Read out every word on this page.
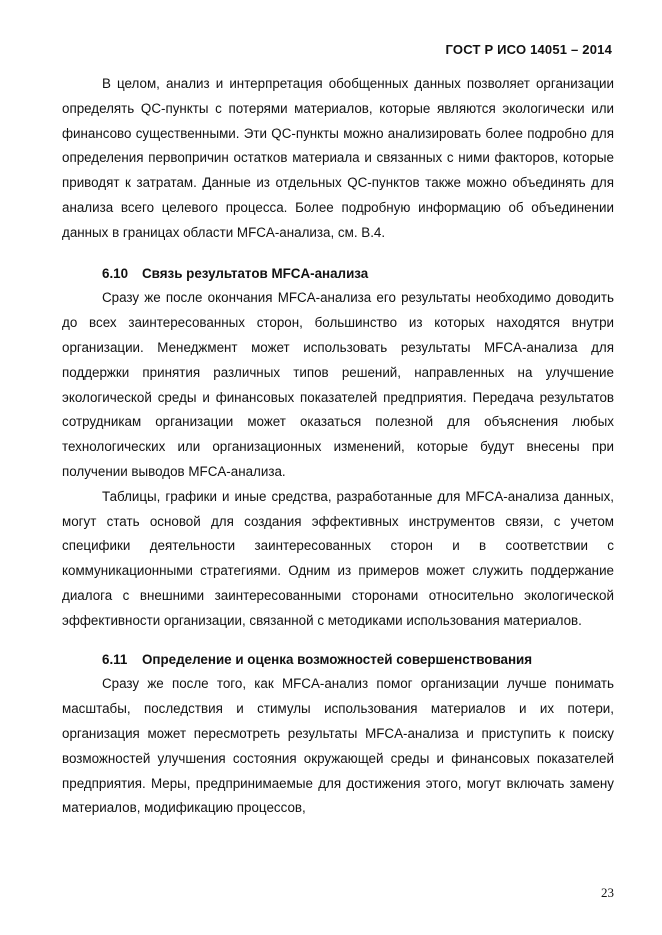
ГОСТ Р ИСО 14051 – 2014

В целом, анализ и интерпретация обобщенных данных позволяет организации определять QC-пункты с потерями материалов, которые являются экологически или финансово существенными. Эти QC-пункты можно анализировать более подробно для определения первопричин остатков материала и связанных с ними факторов, которые приводят к затратам. Данные из отдельных QC-пунктов также можно объединять для анализа всего целевого процесса. Более подробную информацию об объединении данных в границах области MFCA-анализа, см. B.4.

6.10 Связь результатов MFCA-анализа

Сразу же после окончания MFCA-анализа его результаты необходимо доводить до всех заинтересованных сторон, большинство из которых находятся внутри организации. Менеджмент может использовать результаты MFCA-анализа для поддержки принятия различных типов решений, направленных на улучшение экологической среды и финансовых показателей предприятия. Передача результатов сотрудникам организации может оказаться полезной для объяснения любых технологических или организационных изменений, которые будут внесены при получении выводов MFCA-анализа.

Таблицы, графики и иные средства, разработанные для MFCA-анализа данных, могут стать основой для создания эффективных инструментов связи, с учетом специфики деятельности заинтересованных сторон и в соответствии с коммуникационными стратегиями. Одним из примеров может служить поддержание диалога с внешними заинтересованными сторонами относительно экологической эффективности организации, связанной с методиками использования материалов.

6.11 Определение и оценка возможностей совершенствования

Сразу же после того, как MFCA-анализ помог организации лучше понимать масштабы, последствия и стимулы использования материалов и их потери, организация может пересмотреть результаты MFCA-анализа и приступить к поиску возможностей улучшения состояния окружающей среды и финансовых показателей предприятия. Меры, предпринимаемые для достижения этого, могут включать замену материалов, модификацию процессов,

23
